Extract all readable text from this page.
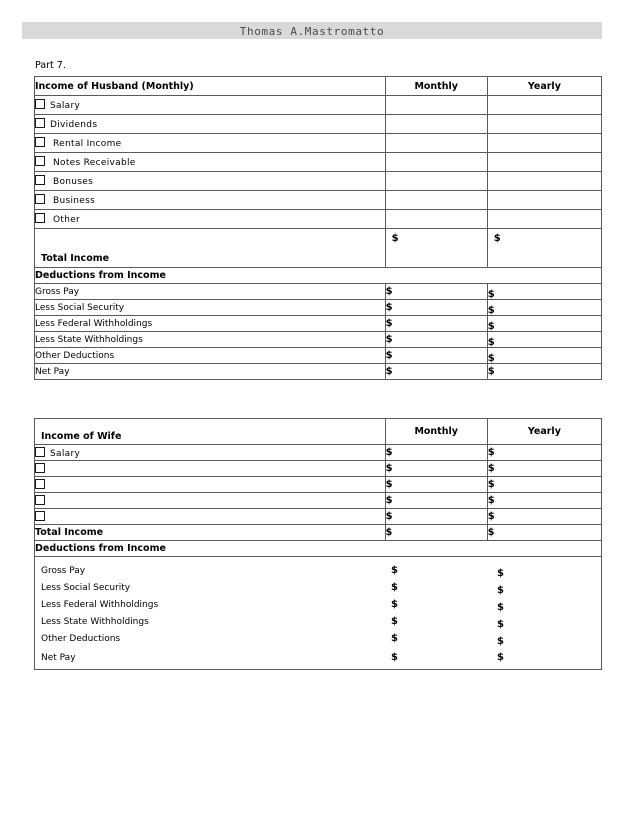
Thomas A.Mastromatto
Part 7.
Income of Husband (Monthly)	Monthly	Yearly
Salary		
Dividends		
Rental Income		
Notes Receivable		
Bonuses		
Business		
Other		

Total Income	$	$

Deductions from Income		
Gross Pay	$	$
Less Social Security	$	$
Less Federal Withholdings	$	$
Less State Withholdings	$	$
Other Deductions	$	$
Net Pay	$	$
Income of Wife	Monthly	Yearly
Salary	$	$
	$	$
	$	$
	$	$
	$	$
Total Income	$	$
Deductions from Income		

Gross Pay	$	$
Less Social Security	$	$
Less Federal Withholdings	$	$
Less State Withholdings	$	$
Other Deductions	$	$
Net Pay	$	$
